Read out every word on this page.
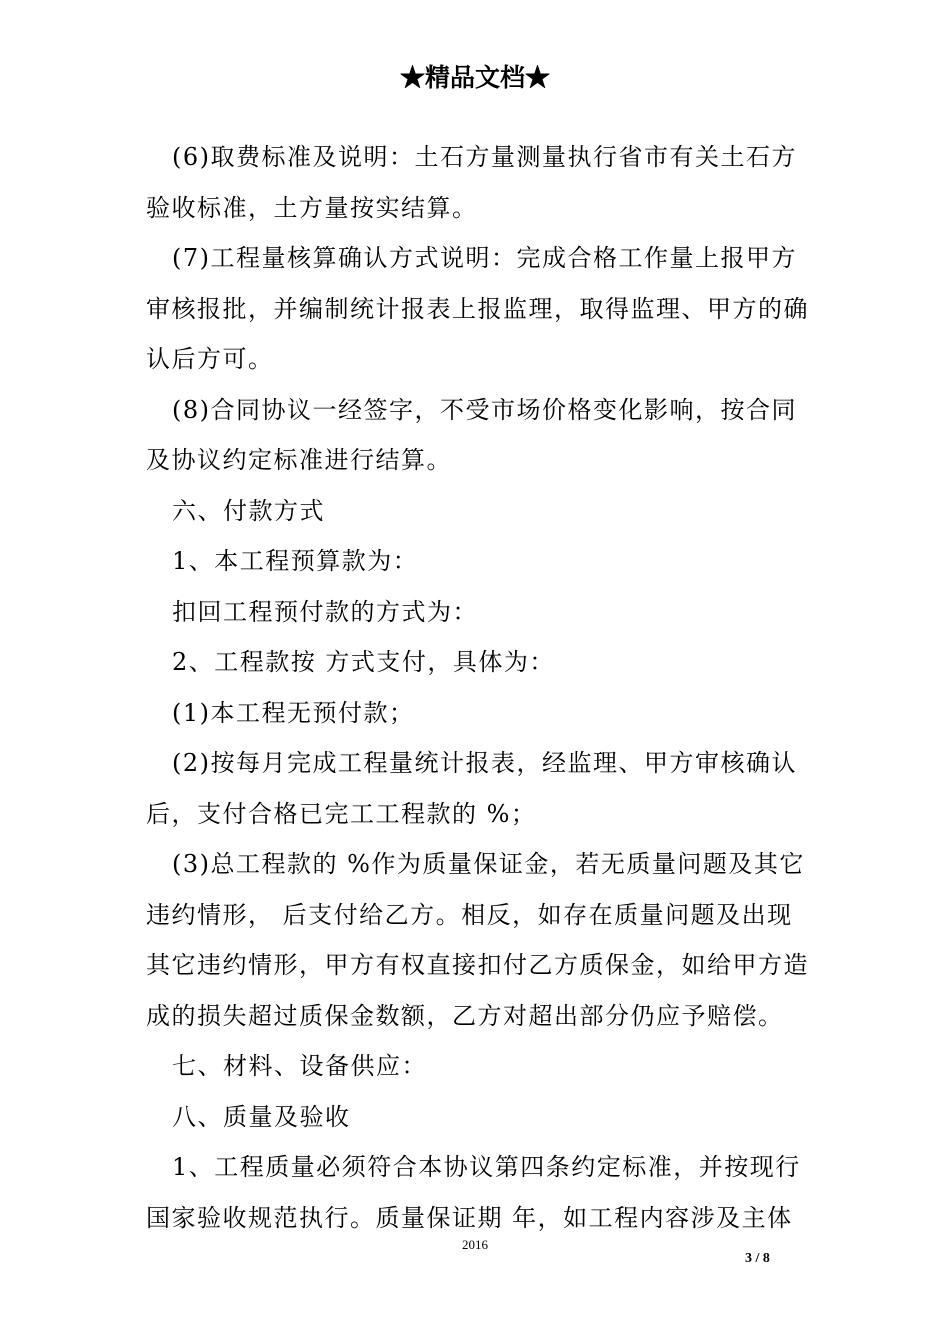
★精品文档★
(6)取费标准及说明：土石方量测量执行省市有关土石方
验收标准，土方量按实结算。
(7)工程量核算确认方式说明：完成合格工作量上报甲方
审核报批，并编制统计报表上报监理，取得监理、甲方的确
认后方可。
(8)合同协议一经签字，不受市场价格变化影响，按合同
及协议约定标准进行结算。
六、付款方式
1、本工程预算款为：
扣回工程预付款的方式为：
2、工程款按 方式支付，具体为：
(1)本工程无预付款；
(2)按每月完成工程量统计报表，经监理、甲方审核确认
后，支付合格已完工工程款的 %；
(3)总工程款的 %作为质量保证金，若无质量问题及其它
违约情形， 后支付给乙方。相反，如存在质量问题及出现
其它违约情形，甲方有权直接扣付乙方质保金，如给甲方造
成的损失超过质保金数额，乙方对超出部分仍应予赔偿。
七、材料、设备供应：
八、质量及验收
1、工程质量必须符合本协议第四条约定标准，并按现行
国家验收规范执行。质量保证期 年，如工程内容涉及主体
2016
3 / 8
